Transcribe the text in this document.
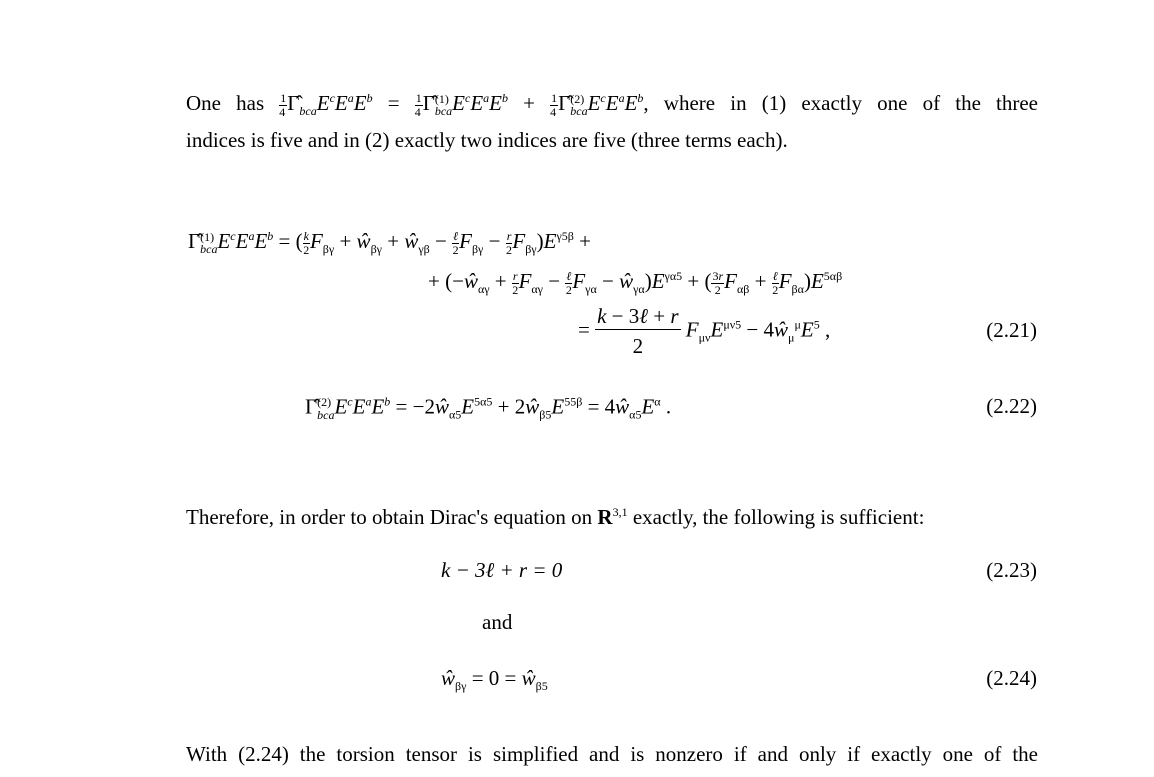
One has $\frac{1}{4}$ $\Gammâ_{bca}E^cE^aE^b = \frac{1}{4}$ Γ̂ (1)
bca $E^cE^aE^b + \frac{1}{4}$ Γ̂ (2)
bca $E^cE^aE^b$, where in (1) exactly one of the three
indices is five and in (2) exactly two indices are five (three terms each).
Γ̂ (1)
bca $E^cE^aE^b$ = ( $\frac{k}{2} F_{\beta\gamma}$ + $ŵ_{\beta\gamma}$ + $ŵ_{\gamma\beta}$ − ℓ
2 $F_{\beta\gamma} - \frac{r}{2} F_{\beta\gamma})E^{\gamma 5\beta}$ +
+ ($-ŵ_{\alpha\gamma} + \frac{r}{2} F_{\alpha\gamma}$ − ℓ
2 $F_{\gamma\alpha}$ − $ŵ_{\gamma\alpha})E^{\gamma\alpha 5}$ + ( $\frac{3r}{2} F_{\alpha\beta}$ + ℓ
2 $F_{\beta\alpha})E^{5\alpha\beta}$
= $\frac{\text{k − 3ℓ + r}}{2} F_{\mu\nu}E^{\mu\nu 5}$ − $4ŵ_\mu^\mu E^5$ ,	(2.21)
Γ̂ (2)
bca $E^cE^aE^b$ = $-2ŵ_{\alpha 5}E^{5\alpha 5}$ + $2ŵ_{\beta 5}E^{55\beta}$ = $4ŵ_{\alpha 5}E^\alpha$ .	(2.22)
Therefore, in order to obtain Dirac's equation on R$^{3,1}$ exactly, the following is sufficient:
k − 3ℓ + r = 0	(2.23)
and
$ŵ_{\beta\gamma} = 0$ = $ŵ_{\beta 5}$	(2.24)
With (2.24) the torsion tensor is simplified and is nonzero if and only if exactly one of the
